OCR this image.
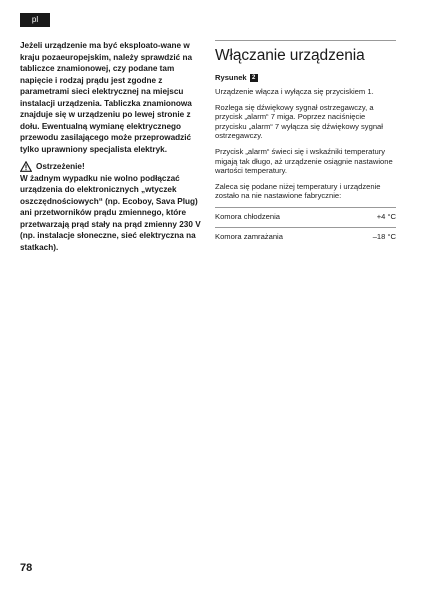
pl

Jeżeli urządzenie ma być eksploato-wane w kraju pozaeuropejskim, należy sprawdzić na tabliczce znamionowej, czy podane tam napięcie i rodzaj prądu jest zgodne z parametrami sieci elektrycznej na miejscu instalacji urządzenia. Tabliczka znamionowa znajduje się w urządzeniu po lewej stronie z dołu. Ewentualną wymianę elektrycznego przewodu zasilającego może przeprowadzić tylko uprawniony specjalista elektryk.

Ostrzeżenie!

W żadnym wypadku nie wolno podłączać urządzenia do elektronicznych „wtyczek oszczędnościowych“ (np. Ecoboy, Sava Plug) ani przetworników prądu zmiennego, które przetwarzają prąd stały na prąd zmienny 230 V (np. instalacje słoneczne, sieć elektryczna na statkach).

Włączanie urządzenia
Rysunek 2

Urządzenie włącza i wyłącza się przyciskiem 1.

Rozlega się dźwiękowy sygnał ostrzegawczy, a przycisk „alarm“ 7 miga. Poprzez naciśnięcie przycisku „alarm“ 7 wyłącza się dźwiękowy sygnał ostrzegawczy.

Przycisk „alarm“ świeci się i wskaźniki temperatury migają tak długo, aż urządzenie osiągnie nastawione wartości temperatury.

Zaleca się podane niżej temperatury i urządzenie zostało na nie nastawione fabrycznie:

Komora chłodzenia	+4 °C
Komora zamrażania	–18 °C
78
